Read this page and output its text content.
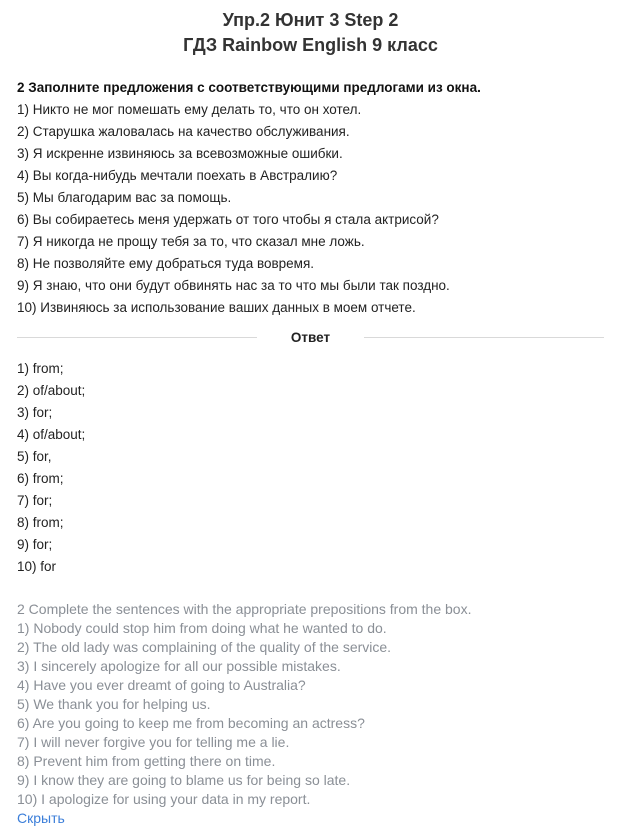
Упр.2 Юнит 3 Step 2
ГДЗ Rainbow English 9 класс
2 Заполните предложения с соответствующими предлогами из окна.
1) Никто не мог помешать ему делать то, что он хотел.
2) Старушка жаловалась на качество обслуживания.
3) Я искренне извиняюсь за всевозможные ошибки.
4) Вы когда-нибудь мечтали поехать в Австралию?
5) Мы благодарим вас за помощь.
6) Вы собираетесь меня удержать от того чтобы я стала актрисой?
7) Я никогда не прощу тебя за то, что сказал мне ложь.
8) Не позволяйте ему добраться туда вовремя.
9) Я знаю, что они будут обвинять нас за то что мы были так поздно.
10) Извиняюсь за использование ваших данных в моем отчете.
Ответ
1) from;
2) of/about;
3) for;
4) of/about;
5) for,
6) from;
7) for;
8) from;
9) for;
10) for
2 Complete the sentences with the appropriate prepositions from the box.
1) Nobody could stop him from doing what he wanted to do.
2) The old lady was complaining of the quality of the service.
3) I sincerely apologize for all our possible mistakes.
4) Have you ever dreamt of going to Australia?
5) We thank you for helping us.
6) Are you going to keep me from becoming an actress?
7) I will never forgive you for telling me a lie.
8) Prevent him from getting there on time.
9) I know they are going to blame us for being so late.
10) I apologize for using your data in my report.
Скрыть
